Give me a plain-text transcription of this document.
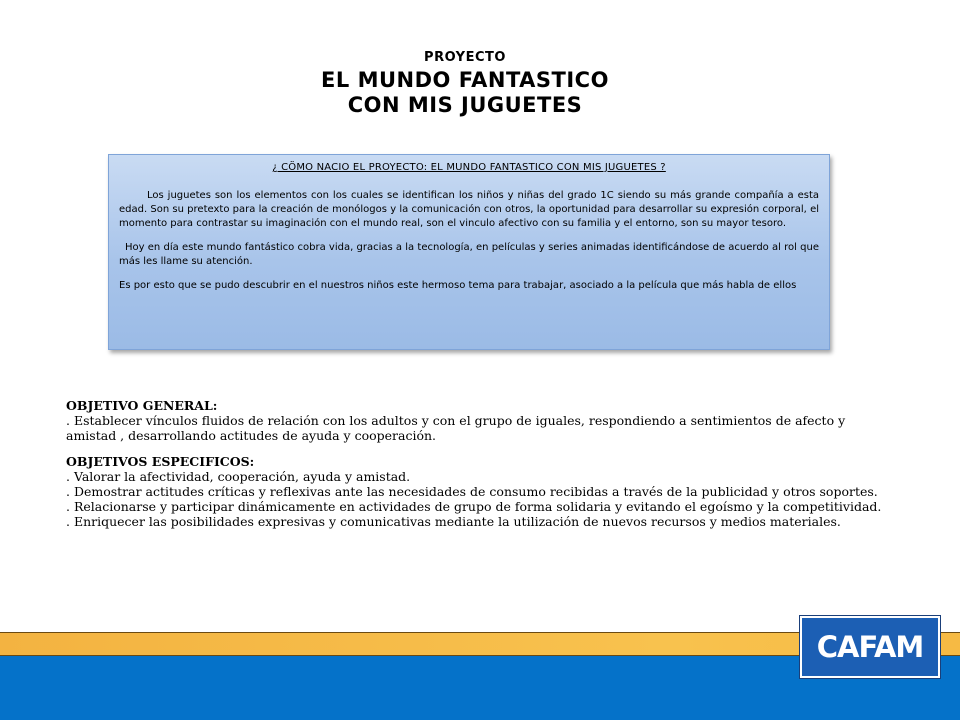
PROYECTO
EL MUNDO FANTASTICO
CON MIS JUGUETES
¿ CÖMO NACIO EL PROYECTO: EL MUNDO FANTASTICO CON MIS JUGUETES ?

Los juguetes son los elementos con los cuales se identifican los niños y niñas del grado 1C siendo su más grande compañía a esta edad. Son su pretexto para la creación de monólogos y la comunicación con otros, la oportunidad para desarrollar su expresión corporal, el momento para contrastar su imaginación con el mundo real, son el vinculo afectivo con su familia y el entorno, son su mayor tesoro.

Hoy en día este mundo fantástico cobra vida, gracias a la tecnología, en películas y series animadas identificándose de acuerdo al rol que más les llame su atención.

Es por esto que se pudo descubrir en el nuestros niños este hermoso tema para trabajar, asociado a la película que más habla de ellos

OBJETIVO GENERAL:

. Establecer vínculos fluidos de relación con los adultos y con el grupo de iguales, respondiendo a sentimientos de afecto y amistad , desarrollando actitudes de ayuda y cooperación.

OBJETIVOS ESPECIFICOS:

. Valorar la afectividad, cooperación, ayuda y amistad.

. Demostrar actitudes críticas y reflexivas ante las necesidades de consumo recibidas a través de la publicidad y otros soportes.

. Relacionarse y participar dinámicamente en actividades de grupo de forma solidaria y evitando el egoísmo y la competitividad.

. Enriquecer las posibilidades expresivas y comunicativas mediante la utilización de nuevos recursos y medios materiales.

CAFAM
